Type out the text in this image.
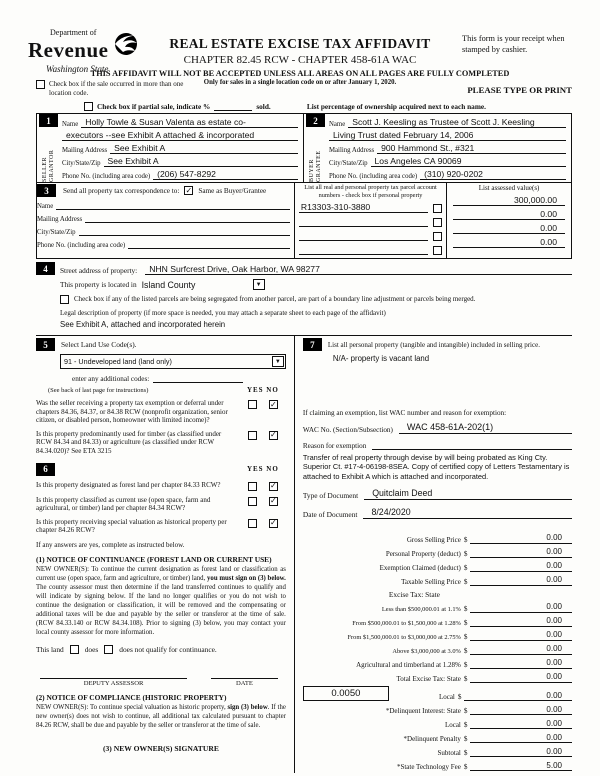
Department of
Revenue
Washington State
REAL ESTATE EXCISE TAX AFFIDAVIT
CHAPTER 82.45 RCW - CHAPTER 458-61A WAC
THIS AFFIDAVIT WILL NOT BE ACCEPTED UNLESS ALL AREAS ON ALL PAGES ARE FULLY COMPLETED
Only for sales in a single location code on or after January 1, 2020.
This form is your receipt when stamped by cashier.
Check box if the sale occurred in more than one location code.	PLEASE TYPE OR PRINT
Check box if partial sale, indicate %	sold.	List percentage of ownership acquired next to each name.
1
SELLER GRANTOR
Name Holly Towle & Susan Valenta as estate co-
executors --see Exhibit A attached & incorporated
Mailing Address See Exhibit A
City/State/Zip See Exhibit A
Phone No. (including area code) (206) 547-8292
2
BUYER GRANTEE
Name Scott J. Keesling as Trustee of Scott J. Keesling
Living Trust dated February 14, 2006
Mailing Address 900 Hammond St., #321
City/State/Zip Los Angeles CA 90069
Phone No. (including area code) (310) 920-0202
3	Send all property tax correspondence to: ✓ Same as Buyer/Grantee
Name
Mailing Address
City/State/Zip
Phone No. (including area code)
List all real and personal property tax parcel account numbers - check box if personal property
R13303-310-3880
List assessed value(s)
300,000.00
0.00
0.00
0.00
4	Street address of property:	NHN Surfcrest Drive, Oak Harbor, WA 98277
This property is located in Island County	▼
Check box if any of the listed parcels are being segregated from another parcel, are part of a boundary line adjustment or parcels being merged.
Legal description of property (if more space is needed, you may attach a separate sheet to each page of the affidavit)
See Exhibit A, attached and incorporated herein
5	Select Land Use Code(s).
91 - Undeveloped land (land only)	▼
enter any additional codes:
(See back of last page for instructions)	YES NO
Was the seller receiving a property tax exemption or deferral under chapters 84.36, 84.37, or 84.38 RCW (nonprofit organization, senior citizen, or disabled person, homeowner with limited income)?
✓
Is this property predominantly used for timber (as classified under RCW 84.34 and 84.33) or agriculture (as classified under RCW 84.34.020)? See ETA 3215
✓
6	YES NO
Is this property designated as forest land per chapter 84.33 RCW?	✓
Is this property classified as current use (open space, farm and agricultural, or timber) land per chapter 84.34 RCW?
✓
Is this property receiving special valuation as historical property per chapter 84.26 RCW?
✓
If any answers are yes, complete as instructed below.
(1) NOTICE OF CONTINUANCE (FOREST LAND OR CURRENT USE)
NEW OWNER(S): To continue the current designation as forest land or classification as current use (open space, farm and agriculture, or timber) land, you must sign on (3) below. The county assessor must then determine if the land transferred continues to qualify and will indicate by signing below. If the land no longer qualifies or you do not wish to continue the designation or classification, it will be removed and the compensating or additional taxes will be due and payable by the seller or transferor at the time of sale. (RCW 84.33.140 or RCW 84.34.108). Prior to signing (3) below, you may contact your local county assessor for more information.
This land	does	does not qualify for continuance.
DEPUTY ASSESSOR	DATE
(2) NOTICE OF COMPLIANCE (HISTORIC PROPERTY)
NEW OWNER(S): To continue special valuation as historic property, sign (3) below. If the new owner(s) does not wish to continue, all additional tax calculated pursuant to chapter 84.26 RCW, shall be due and payable by the seller or transferor at the time of sale.
(3) NEW OWNER(S) SIGNATURE
7	List all personal property (tangible and intangible) included in selling price.
N/A- property is vacant land
If claiming an exemption, list WAC number and reason for exemption:
WAC No. (Section/Subsection)	WAC 458-61A-202(1)
Reason for exemption
Transfer of real property through devise by will being probated as King Cty. Superior Ct. #17-4-06198-8SEA. Copy of certified copy of Letters Testamentary is attached to Exhibit A which is attached and incorporated.
Type of Document	Quitclaim Deed
Date of Document	8/24/2020
Gross Selling Price $	0.00
Personal Property (deduct) $	0.00
Exemption Claimed (deduct) $	0.00
Taxable Selling Price $	0.00
Excise Tax: State
Less than $500,000.01 at 1.1% $	0.00
From $500,000.01 to $1,500,000 at 1.28% $	0.00
From $1,500,000.01 to $3,000,000 at 2.75% $	0.00
Above $3,000,000 at 3.0% $	0.00
Agricultural and timberland at 1.28% $	0.00
Total Excise Tax: State $	0.00
0.0050	Local $	0.00
*Delinquent Interest: State $	0.00
Local $	0.00
*Delinquent Penalty $	0.00
Subtotal $	0.00
*State Technology Fee $	5.00
